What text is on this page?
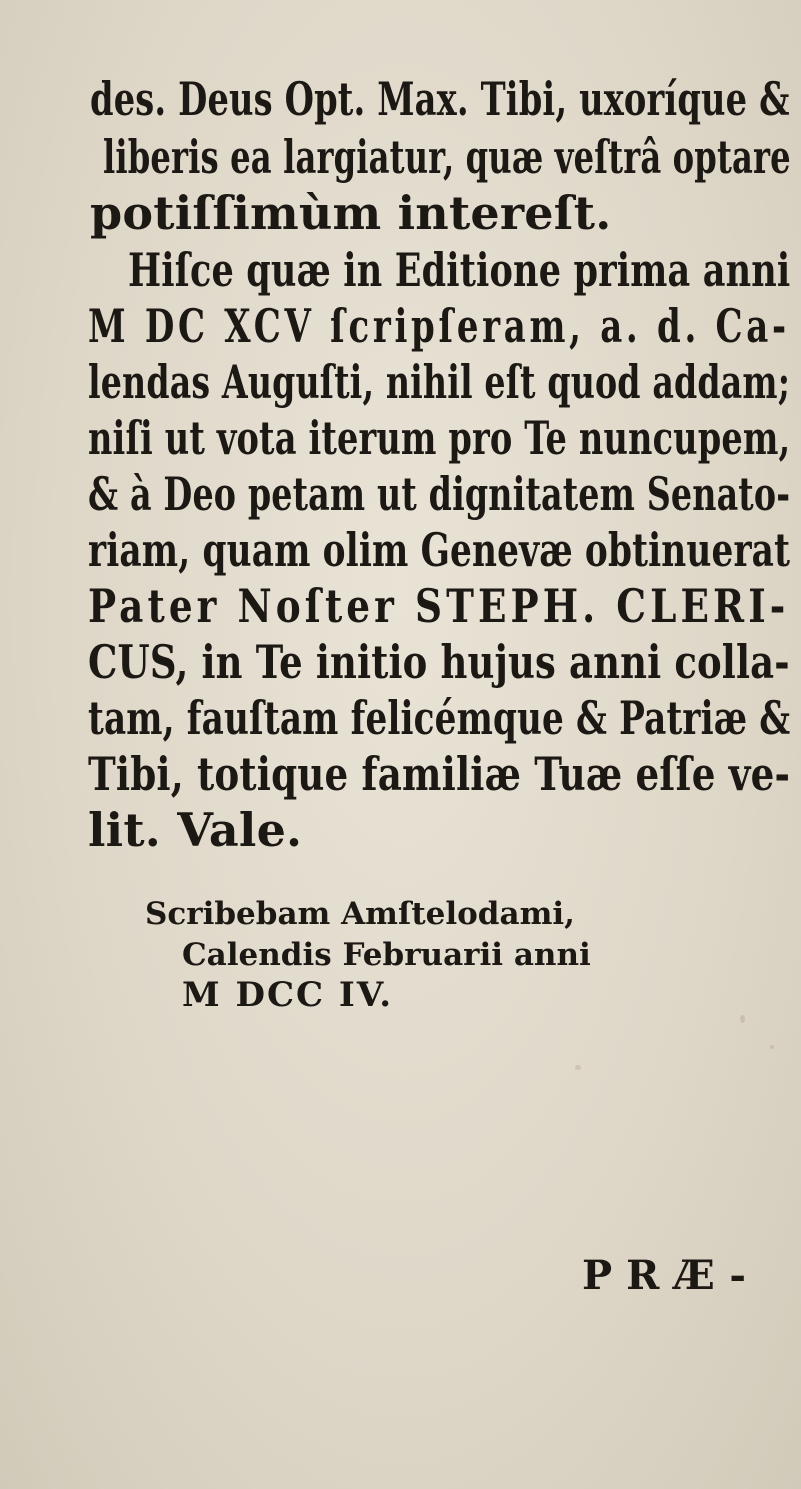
des. Deus Opt. Max. Tibi, uxoríque &
liberis ea largiatur, quæ veſtrâ optare
potiſſimùm intereſt.
Hiſce quæ in Editione prima anni
M DC XCV ſcripſeram, a. d. Ca-
lendas Auguſti, nihil eſt quod addam;
niſi ut vota iterum pro Te nuncupem,
& à Deo petam ut dignitatem Senato-
riam, quam olim Genevæ obtinuerat
Pater Noſter STEPH. CLERI-
CUS, in Te initio hujus anni colla-
tam, fauſtam felicémque & Patriæ &
Tibi, totique familiæ Tuæ eſſe ve-
lit. Vale.
Scribebam Amſtelodami,
Calendis Februarii anni
M DCC IV.
PRÆ-
